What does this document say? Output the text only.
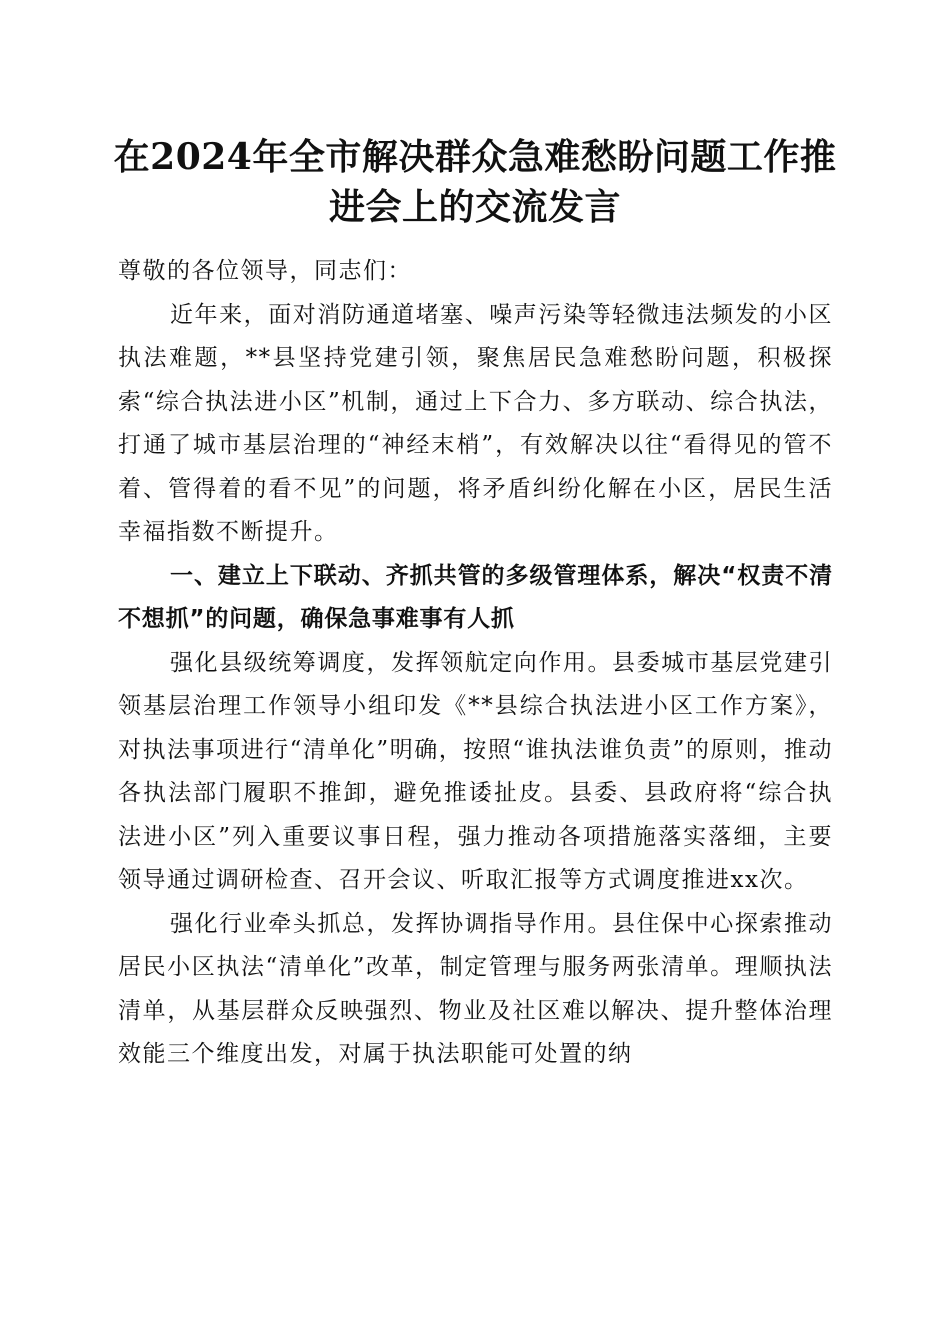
在2024年全市解决群众急难愁盼问题工作推
进会上的交流发言

尊敬的各位领导，同志们：

近年来，面对消防通道堵塞、噪声污染等轻微违法频发的小区执法难题，**县坚持党建引领，聚焦居民急难愁盼问题，积极探索“综合执法进小区”机制，通过上下合力、多方联动、综合执法，打通了城市基层治理的“神经末梢”，有效解决以往“看得见的管不着、管得着的看不见”的问题，将矛盾纠纷化解在小区，居民生活幸福指数不断提升。

一、建立上下联动、齐抓共管的多级管理体系，解决“权责不清不想抓”的问题，确保急事难事有人抓

强化县级统筹调度，发挥领航定向作用。县委城市基层党建引领基层治理工作领导小组印发《**县综合执法进小区工作方案》，对执法事项进行“清单化”明确，按照“谁执法谁负责”的原则，推动各执法部门履职不推卸，避免推诿扯皮。县委、县政府将“综合执法进小区”列入重要议事日程，强力推动各项措施落实落细，主要领导通过调研检查、召开会议、听取汇报等方式调度推进xx次。

强化行业牵头抓总，发挥协调指导作用。县住保中心探索推动居民小区执法“清单化”改革，制定管理与服务两张清单。理顺执法清单，从基层群众反映强烈、物业及社区难以解决、提升整体治理效能三个维度出发，对属于执法职能可处置的纳
